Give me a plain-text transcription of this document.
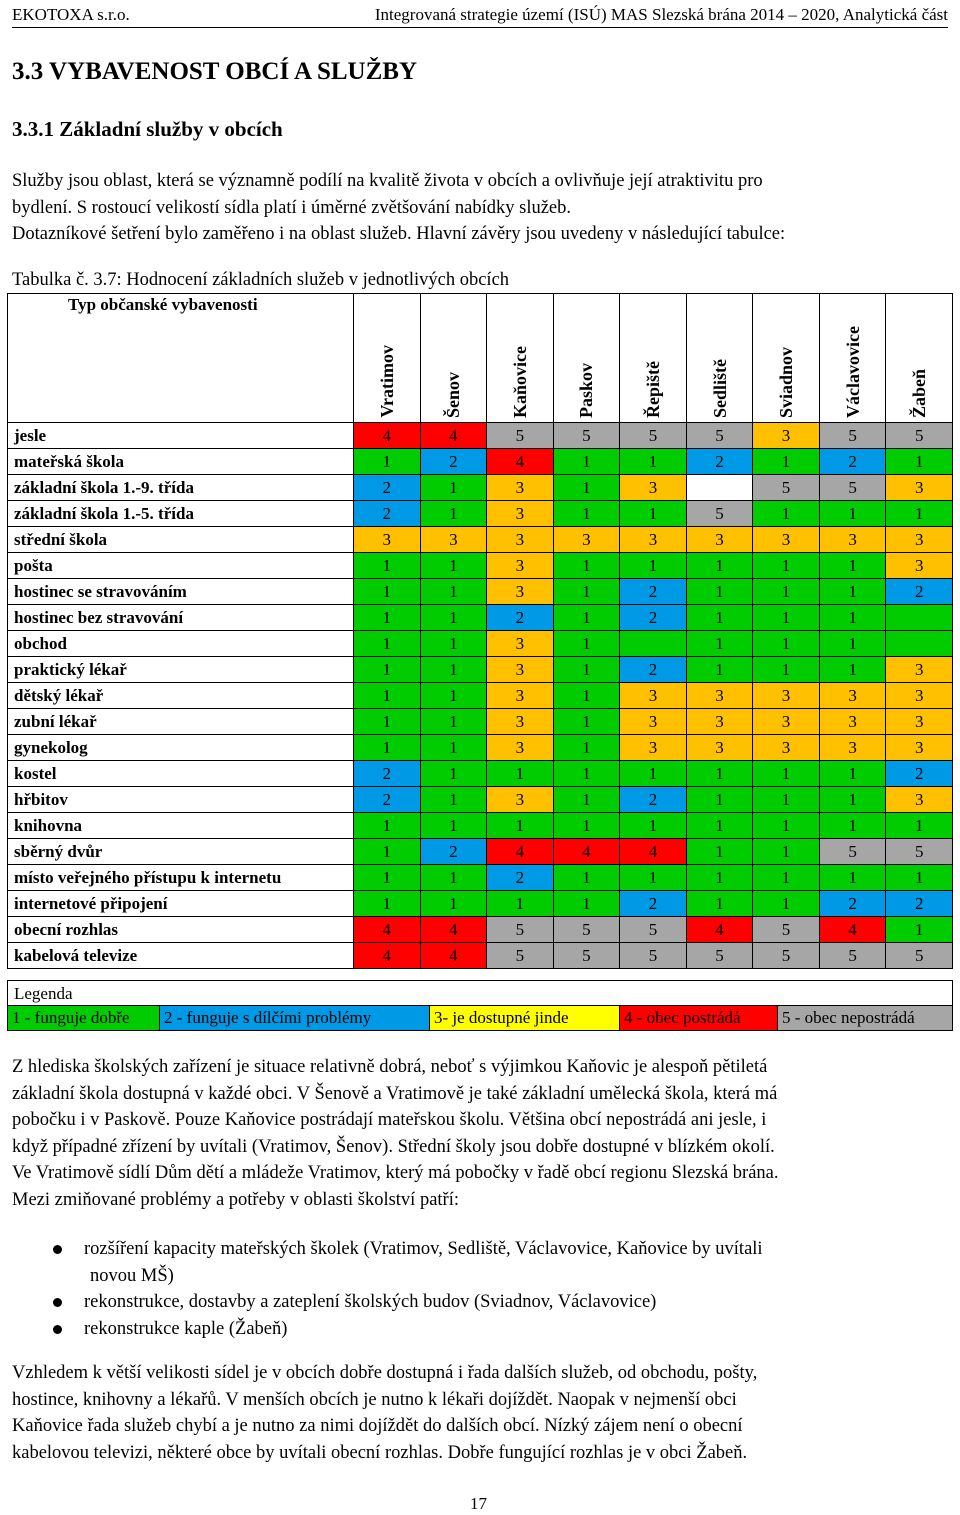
EKOTOXA s.r.o.	Integrovaná strategie území (ISÚ) MAS Slezská brána 2014 – 2020, Analytická část
3.3 VYBAVENOST OBCÍ A SLUŽBY
3.3.1 Základní služby v obcích
Služby jsou oblast, která se významně podílí na kvalitě života v obcích a ovlivňuje její atraktivitu pro
bydlení. S rostoucí velikostí sídla platí i úměrné zvětšování nabídky služeb.
Dotazníkové šetření bylo zaměřeno i na oblast služeb. Hlavní závěry jsou uvedeny v následující tabulce:
Tabulka č. 3.7: Hodnocení základních služeb v jednotlivých obcích
Typ občanské vybavenosti	Vratimov	Šenov	Kaňovice	Paskov	Řepiště	Sedliště	Sviadnov	Václavovice	Žabeň

jesle	4	4	5	5	5	5	3	5	5
mateřská škola	1	2	4	1	1	2	1	2	1
základní škola 1.-9. třída	2	1	3	1	3		5	5	3
základní škola 1.-5. třída	2	1	3	1	1	5	1	1	1
střední škola	3	3	3	3	3	3	3	3	3
pošta	1	1	3	1	1	1	1	1	3
hostinec se stravováním	1	1	3	1	2	1	1	1	2
hostinec bez stravování	1	1	2	1	2	1	1	1	
obchod	1	1	3	1		1	1	1	
praktický lékař	1	1	3	1	2	1	1	1	3
dětský lékař	1	1	3	1	3	3	3	3	3
zubní lékař	1	1	3	1	3	3	3	3	3
gynekolog	1	1	3	1	3	3	3	3	3
kostel	2	1	1	1	1	1	1	1	2
hřbitov	2	1	3	1	2	1	1	1	3
knihovna	1	1	1	1	1	1	1	1	1
sběrný dvůr	1	2	4	4	4	1	1	5	5
místo veřejného přístupu k internetu	1	1	2	1	1	1	1	1	1
internetové připojení	1	1	1	1	2	1	1	2	2
obecní rozhlas	4	4	5	5	5	4	5	4	1
kabelová televize	4	4	5	5	5	5	5	5	5
Legenda
1 - funguje dobře	2 - funguje s dílčími problémy	3- je dostupné jinde	4 - obec postrádá	5 - obec nepostrádá
Z hlediska školských zařízení je situace relativně dobrá, neboť s výjimkou Kaňovic je alespoň pětiletá
základní škola dostupná v každé obci. V Šenově a Vratimově je také základní umělecká škola, která má
pobočku i v Paskově. Pouze Kaňovice postrádají mateřskou školu. Většina obcí nepostrádá ani jesle, i
když případné zřízení by uvítali (Vratimov, Šenov). Střední školy jsou dobře dostupné v blízkém okolí.
Ve Vratimově sídlí Dům dětí a mládeže Vratimov, který má pobočky v řadě obcí regionu Slezská brána.
Mezi zmiňované problémy a potřeby v oblasti školství patří:
rozšíření kapacity mateřských školek (Vratimov, Sedliště, Václavovice, Kaňovice by uvítali
novou MŠ)
rekonstrukce, dostavby a zateplení školských budov (Sviadnov, Václavovice)
rekonstrukce kaple (Žabeň)
Vzhledem k větší velikosti sídel je v obcích dobře dostupná i řada dalších služeb, od obchodu, pošty,
hostince, knihovny a lékařů. V menších obcích je nutno k lékaři dojíždět. Naopak v nejmenší obci
Kaňovice řada služeb chybí a je nutno za nimi dojíždět do dalších obcí. Nízký zájem není o obecní
kabelovou televizi, některé obce by uvítali obecní rozhlas. Dobře fungující rozhlas je v obci Žabeň.
17
